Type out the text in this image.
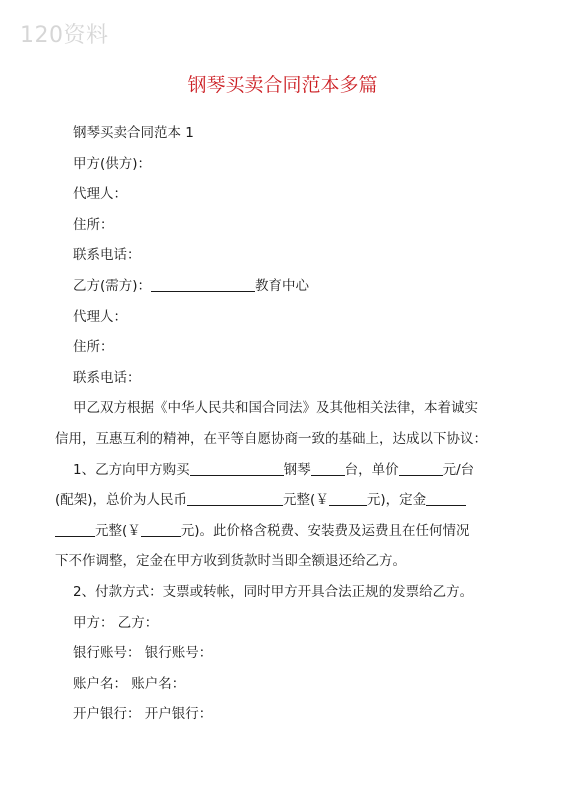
120资料
钢琴买卖合同范本多篇
钢琴买卖合同范本 1
甲方(供方)：
代理人：
住所：
联系电话：
乙方(需方)：	教育中心
代理人：
住所：
联系电话：
甲乙双方根据《中华人民共和国合同法》及其他相关法律，本着诚实
信用，互惠互利的精神，在平等自愿协商一致的基础上，达成以下协议：
1、乙方向甲方购买	钢琴	台，单价	元/台
(配架)，总价为人民币	元整(￥	元)，定金
元整(￥	元)。此价格含税费、安装费及运费且在任何情况
下不作调整，定金在甲方收到货款时当即全额退还给乙方。
2、付款方式：支票或转帐，同时甲方开具合法正规的发票给乙方。
甲方： 乙方：
银行账号： 银行账号：
账户名： 账户名：
开户银行： 开户银行：
